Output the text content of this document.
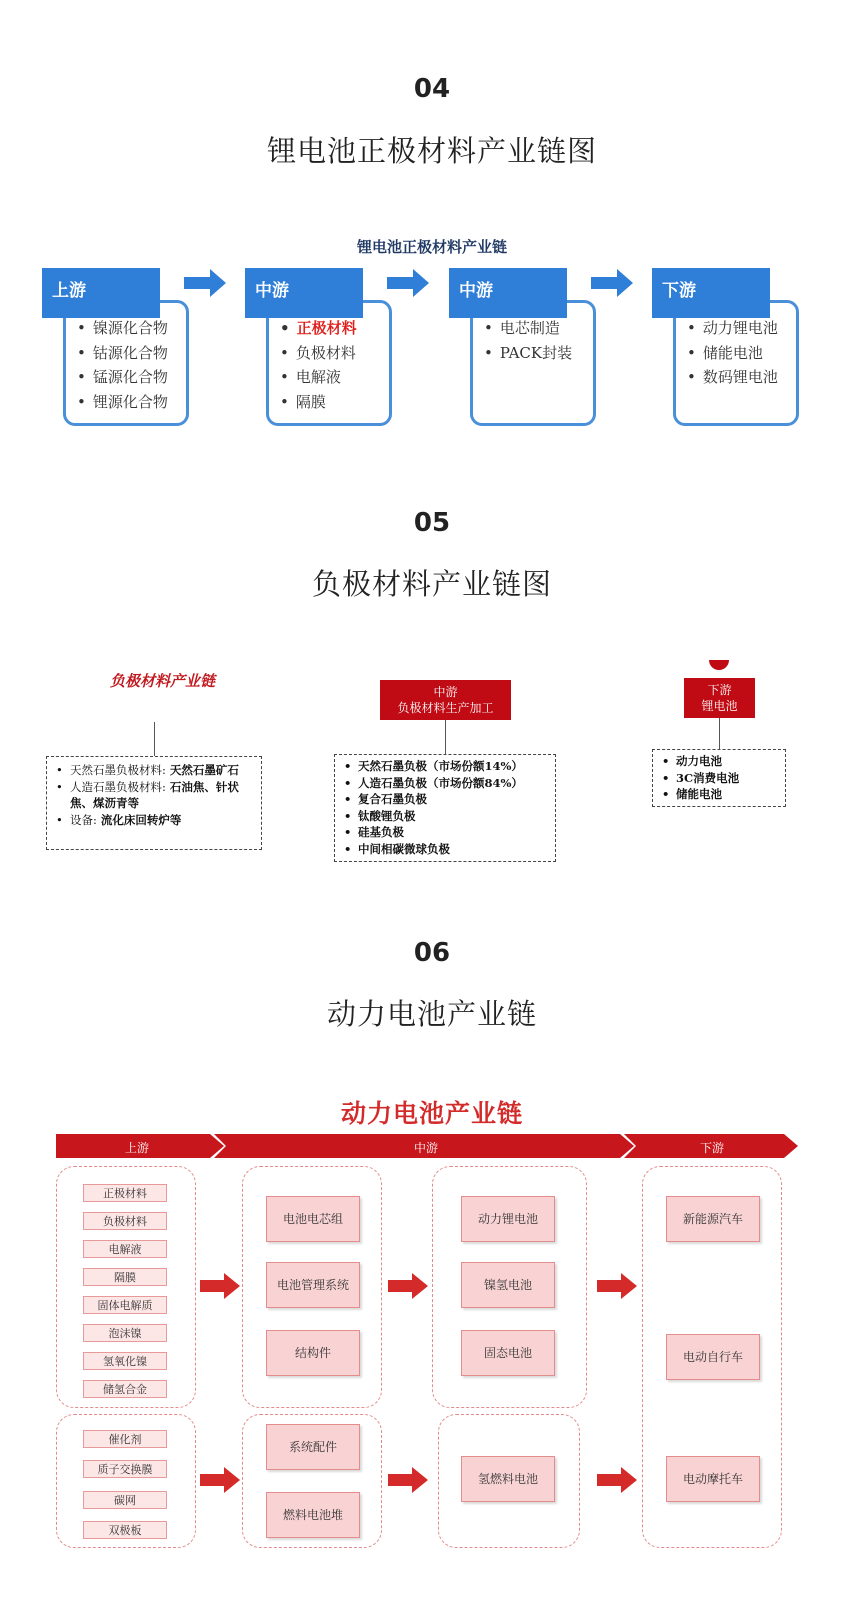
04
锂电池正极材料产业链图
锂电池正极材料产业链
上游
• 镍源化合物
• 钴源化合物
• 锰源化合物
• 锂源化合物
中游
• 正极材料
• 负极材料
• 电解液
• 隔膜
中游
• 电芯制造
• PACK封装
下游
• 动力锂电池
• 储能电池
• 数码锂电池
05
负极材料产业链图
负极材料产业链
中游
负极材料生产加工
下游
锂电池
• 天然石墨负极材料: 天然石墨矿石
• 人造石墨负极材料: 石油焦、针状焦、煤沥青等
• 设备: 流化床回转炉等
• 天然石墨负极（市场份额14%）
• 人造石墨负极（市场份额84%）
• 复合石墨负极
• 钛酸锂负极
• 硅基负极
• 中间相碳微球负极
• 动力电池
• 3C消费电池
• 储能电池
06
动力电池产业链
动力电池产业链
上游	中游	下游
正极材料
负极材料
电解液
隔膜
固体电解质
泡沫镍
氢氧化镍
储氢合金
催化剂
质子交换膜
碳网
双极板
电池电芯组
电池管理系统
结构件
系统配件
燃料电池堆
动力锂电池
镍氢电池
固态电池
氢燃料电池
新能源汽车
电动自行车
电动摩托车
